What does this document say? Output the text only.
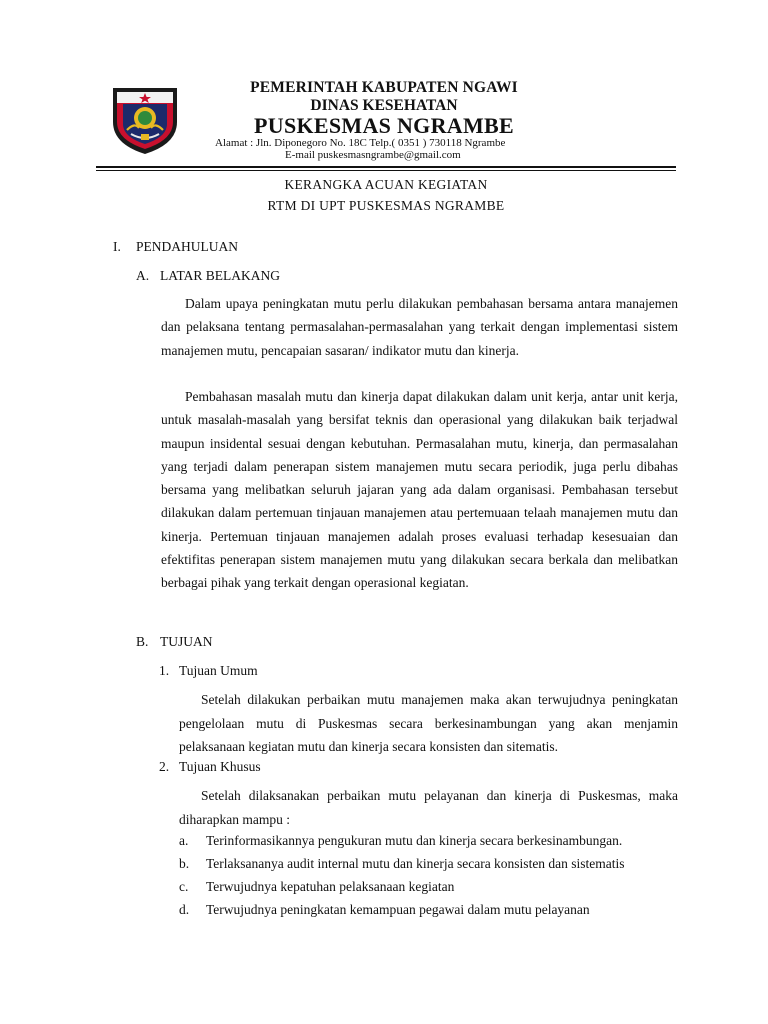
PEMERINTAH KABUPATEN NGAWI
DINAS KESEHATAN
PUSKESMAS NGRAMBE
Alamat : Jln. Diponegoro No. 18C Telp.( 0351 ) 730118 Ngrambe
E-mail puskesmasngrambe@gmail.com
KERANGKA ACUAN KEGIATAN
RTM DI UPT PUSKESMAS NGRAMBE
I. PENDAHULUAN
A. LATAR BELAKANG

Dalam upaya peningkatan mutu perlu dilakukan pembahasan bersama antara manajemen dan pelaksana tentang permasalahan-permasalahan yang terkait dengan implementasi sistem manajemen mutu, pencapaian sasaran/ indikator mutu dan kinerja.

Pembahasan masalah mutu dan kinerja dapat dilakukan dalam unit kerja, antar unit kerja, untuk masalah-masalah yang bersifat teknis dan operasional yang dilakukan baik terjadwal maupun insidental sesuai dengan kebutuhan. Permasalahan mutu, kinerja, dan permasalahan yang terjadi dalam penerapan sistem manajemen mutu secara periodik, juga perlu dibahas bersama yang melibatkan seluruh jajaran yang ada dalam organisasi. Pembahasan tersebut dilakukan dalam pertemuan tinjauan manajemen atau pertemuaan telaah manajemen mutu dan kinerja. Pertemuan tinjauan manajemen adalah proses evaluasi terhadap kesesuaian dan efektifitas penerapan sistem manajemen mutu yang dilakukan secara berkala dan melibatkan berbagai pihak yang terkait dengan operasional kegiatan.

B. TUJUAN
1. Tujuan Umum

Setelah dilakukan perbaikan mutu manajemen maka akan terwujudnya peningkatan pengelolaan mutu di Puskesmas secara berkesinambungan yang akan menjamin pelaksanaan kegiatan mutu dan kinerja secara konsisten dan sitematis.

2. Tujuan Khusus

Setelah dilaksanakan perbaikan mutu pelayanan dan kinerja di Puskesmas, maka diharapkan mampu :

a. Terinformasikannya pengukuran mutu dan kinerja secara berkesinambungan.
b. Terlaksananya audit internal mutu dan kinerja secara konsisten dan sistematis
c. Terwujudnya kepatuhan pelaksanaan kegiatan
d. Terwujudnya peningkatan kemampuan pegawai dalam mutu pelayanan
